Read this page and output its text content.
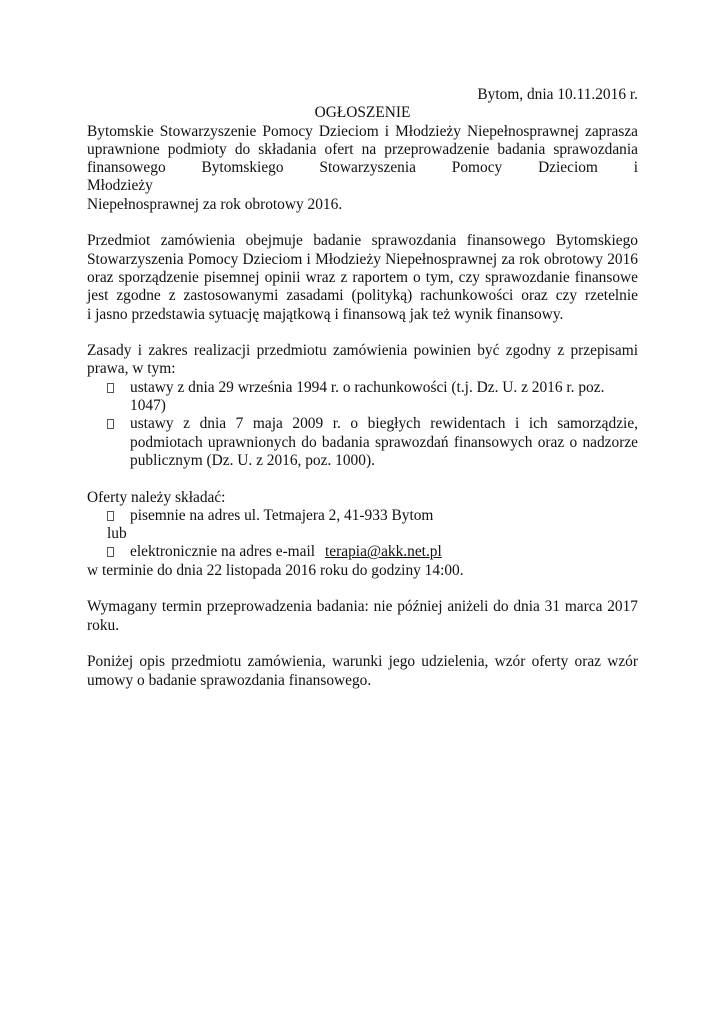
Bytom, dnia 10.11.2016 r.

OGŁOSZENIE

Bytomskie Stowarzyszenie Pomocy Dzieciom i Młodzieży Niepełnosprawnej zaprasza

uprawnione podmioty do składania ofert na przeprowadzenie badania sprawozdania

finansowego Bytomskiego Stowarzyszenia Pomocy Dzieciom i Młodzieży

Niepełnosprawnej za rok obrotowy 2016.

Przedmiot zamówienia obejmuje badanie sprawozdania finansowego Bytomskiego

Stowarzyszenia Pomocy Dzieciom i Młodzieży Niepełnosprawnej za rok obrotowy 2016

oraz sporządzenie pisemnej opinii wraz z raportem o tym, czy sprawozdanie finansowe

jest zgodne z zastosowanymi zasadami (polityką) rachunkowości oraz czy rzetelnie

i jasno przedstawia sytuację majątkową i finansową jak też wynik finansowy.

Zasady i zakres realizacji przedmiotu zamówienia powinien być zgodny z przepisami

prawa, w tym:

ustawy z dnia 29 września 1994 r. o rachunkowości (t.j. Dz. U. z 2016 r. poz. 1047)
ustawy z dnia 7 maja 2009 r. o biegłych rewidentach i ich samorządzie,
podmiotach uprawnionych do badania sprawozdań finansowych oraz o nadzorze
publicznym (Dz. U. z 2016, poz. 1000).

Oferty należy składać:

pisemnie na adres ul. Tetmajera 2, 41-933 Bytom

lub

elektronicznie na adres e-mail terapia@akk.net.pl

w terminie do dnia 22 listopada 2016 roku do godziny 14:00.

Wymagany termin przeprowadzenia badania: nie później aniżeli do dnia 31 marca 2017

roku.

Poniżej opis przedmiotu zamówienia, warunki jego udzielenia, wzór oferty oraz wzór

umowy o badanie sprawozdania finansowego.
